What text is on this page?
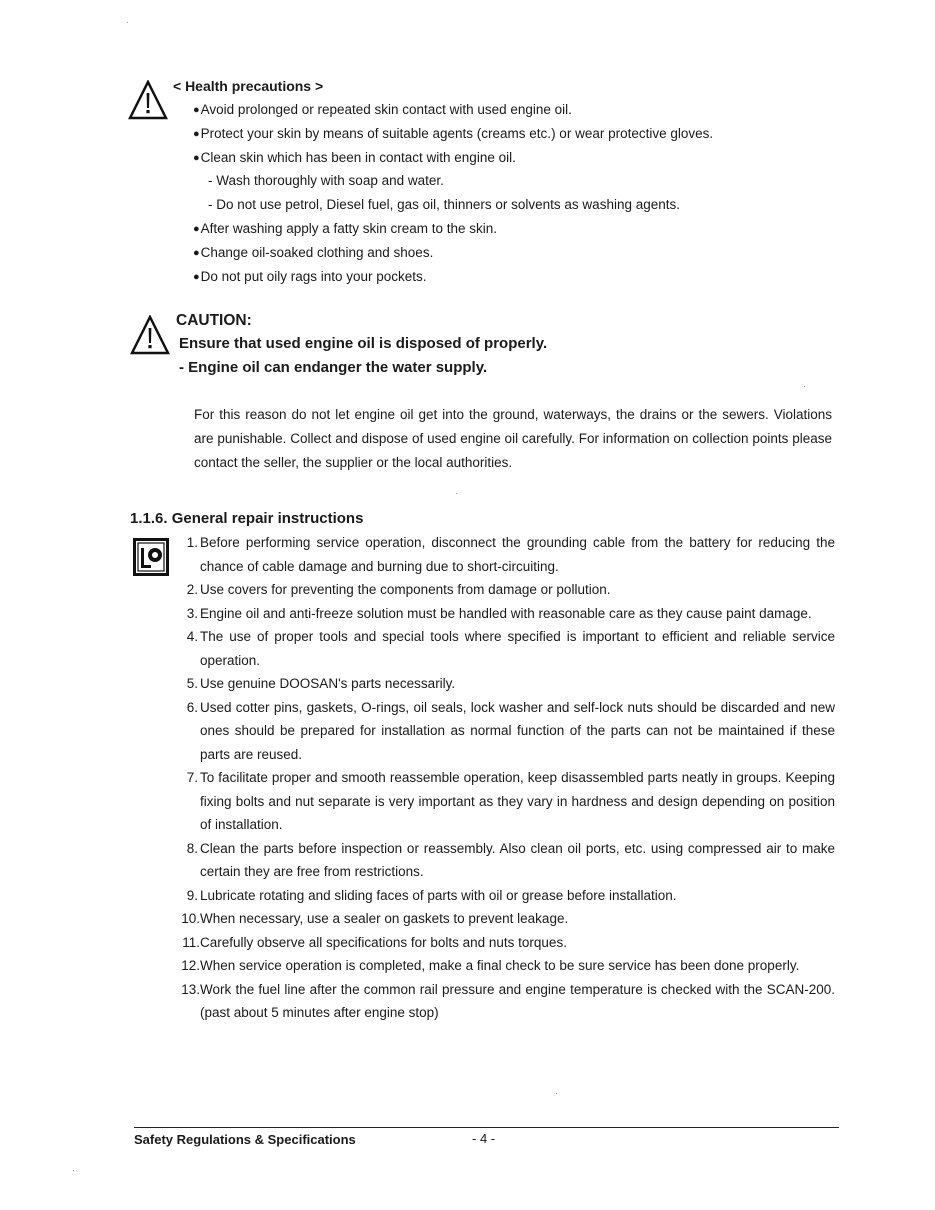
< Health precautions >
●Avoid prolonged or repeated skin contact with used engine oil.
●Protect your skin by means of suitable agents (creams etc.) or wear protective gloves.
●Clean skin which has been in contact with engine oil.
- Wash thoroughly with soap and water.
- Do not use petrol, Diesel fuel, gas oil, thinners or solvents as washing agents.
●After washing apply a fatty skin cream to the skin.
●Change oil-soaked clothing and shoes.
●Do not put oily rags into your pockets.
CAUTION:
Ensure that used engine oil is disposed of properly.
- Engine oil can endanger the water supply.
For this reason do not let engine oil get into the ground, waterways, the drains or the sewers. Violations are punishable. Collect and dispose of used engine oil carefully. For information on collection points please contact the seller, the supplier or the local authorities.
1.1.6. General repair instructions
1. Before performing service operation, disconnect the grounding cable from the battery for reducing the chance of cable damage and burning due to short-circuiting.
2. Use covers for preventing the components from damage or pollution.
3. Engine oil and anti-freeze solution must be handled with reasonable care as they cause paint damage.
4. The use of proper tools and special tools where specified is important to efficient and reliable service operation.
5. Use genuine DOOSAN's parts necessarily.
6. Used cotter pins, gaskets, O-rings, oil seals, lock washer and self-lock nuts should be discarded and new ones should be prepared for installation as normal function of the parts can not be maintained if these parts are reused.
7. To facilitate proper and smooth reassemble operation, keep disassembled parts neatly in groups. Keeping fixing bolts and nut separate is very important as they vary in hardness and design depending on position of installation.
8. Clean the parts before inspection or reassembly. Also clean oil ports, etc. using compressed air to make certain they are free from restrictions.
9. Lubricate rotating and sliding faces of parts with oil or grease before installation.
10. When necessary, use a sealer on gaskets to prevent leakage.
11. Carefully observe all specifications for bolts and nuts torques.
12. When service operation is completed, make a final check to be sure service has been done properly.
13. Work the fuel line after the common rail pressure and engine temperature is checked with the SCAN-200. (past about 5 minutes after engine stop)
Safety Regulations & Specifications	- 4 -
